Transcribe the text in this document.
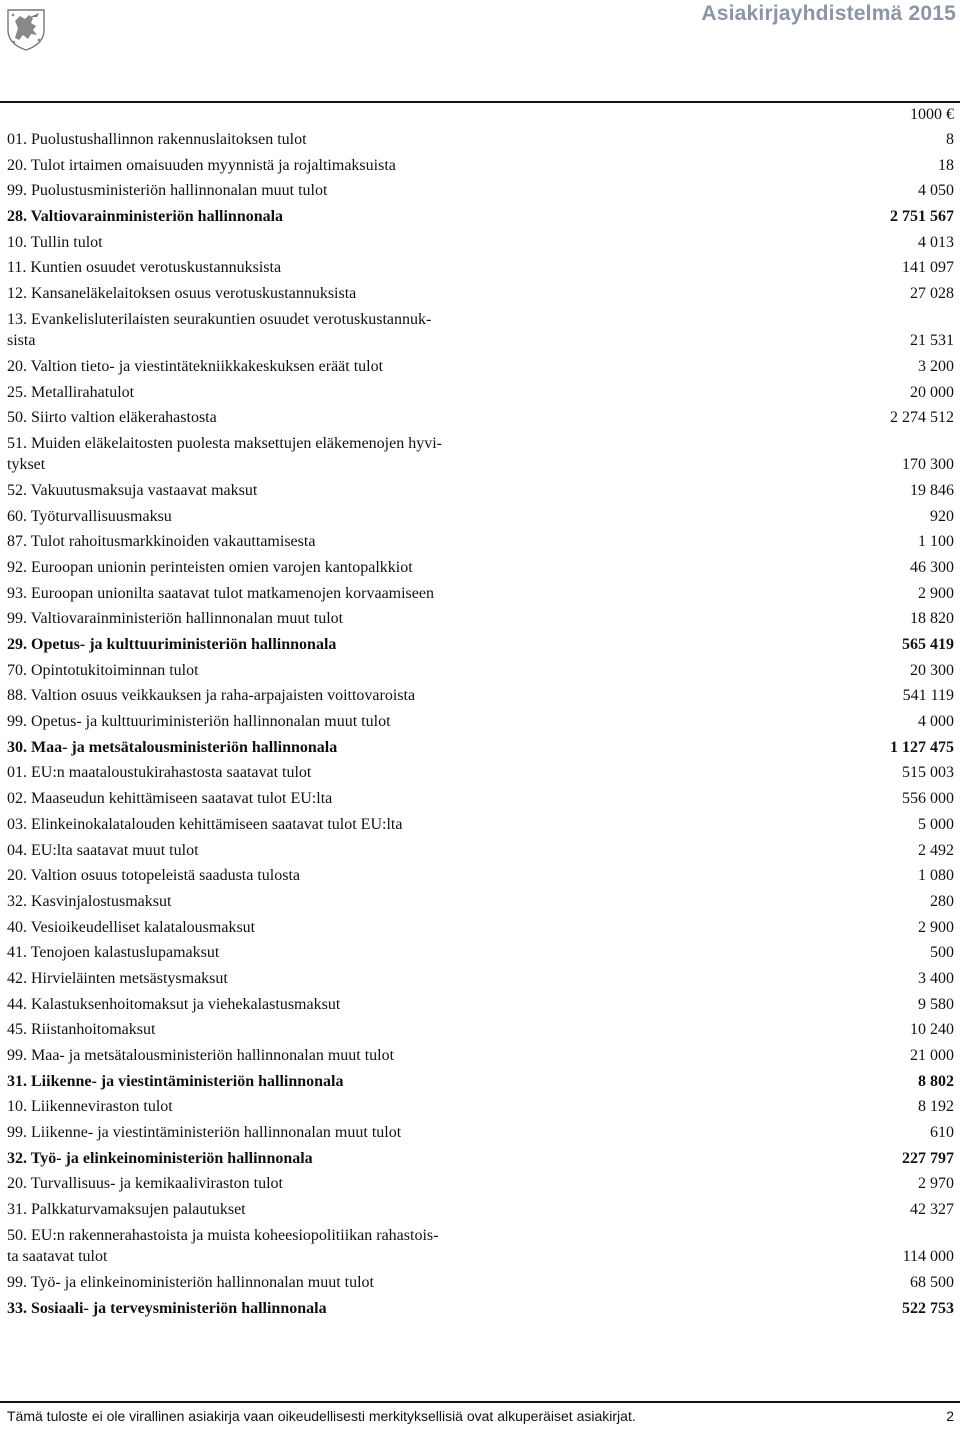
Asiakirjayhdistelmä 2015
1000 €
01. Puolustushallinnon rakennuslaitoksen tulot	8
20. Tulot irtaimen omaisuuden myynnistä ja rojaltimaksuista	18
99. Puolustusministeriön hallinnonalan muut tulot	4 050
28. Valtiovarainministeriön hallinnonala	2 751 567
10. Tullin tulot	4 013
11. Kuntien osuudet verotuskustannuksista	141 097
12. Kansaneläkelaitoksen osuus verotuskustannuksista	27 028
13. Evankelisluterilaisten seurakuntien osuudet verotuskustannuk-
sista	21 531
20. Valtion tieto- ja viestintätekniikkakeskuksen eräät tulot	3 200
25. Metallirahatulot	20 000
50. Siirto valtion eläkerahastosta	2 274 512
51. Muiden eläkelaitosten puolesta maksettujen eläkemenojen hyvi-
tykset	170 300
52. Vakuutusmaksuja vastaavat maksut	19 846
60. Työturvallisuusmaksu	920
87. Tulot rahoitusmarkkinoiden vakauttamisesta	1 100
92. Euroopan unionin perinteisten omien varojen kantopalkkiot	46 300
93. Euroopan unionilta saatavat tulot matkamenojen korvaamiseen	2 900
99. Valtiovarainministeriön hallinnonalan muut tulot	18 820
29. Opetus- ja kulttuuriministeriön hallinnonala	565 419
70. Opintotukitoiminnan tulot	20 300
88. Valtion osuus veikkauksen ja raha-arpajaisten voittovaroista	541 119
99. Opetus- ja kulttuuriministeriön hallinnonalan muut tulot	4 000
30. Maa- ja metsätalousministeriön hallinnonala	1 127 475
01. EU:n maataloustukirahastosta saatavat tulot	515 003
02. Maaseudun kehittämiseen saatavat tulot EU:lta	556 000
03. Elinkeinokalatalouden kehittämiseen saatavat tulot EU:lta	5 000
04. EU:lta saatavat muut tulot	2 492
20. Valtion osuus totopeleistä saadusta tulosta	1 080
32. Kasvinjalostusmaksut	280
40. Vesioikeudelliset kalatalousmaksut	2 900
41. Tenojoen kalastuslupamaksut	500
42. Hirvieläinten metsästysmaksut	3 400
44. Kalastuksenhoitomaksut ja viehekalastusmaksut	9 580
45. Riistanhoitomaksut	10 240
99. Maa- ja metsätalousministeriön hallinnonalan muut tulot	21 000
31. Liikenne- ja viestintäministeriön hallinnonala	8 802
10. Liikenneviraston tulot	8 192
99. Liikenne- ja viestintäministeriön hallinnonalan muut tulot	610
32. Työ- ja elinkeinoministeriön hallinnonala	227 797
20. Turvallisuus- ja kemikaaliviraston tulot	2 970
31. Palkkaturvamaksujen palautukset	42 327
50. EU:n rakennerahastoista ja muista koheesiopolitiikan rahastois-
ta saatavat tulot	114 000
99. Työ- ja elinkeinoministeriön hallinnonalan muut tulot	68 500
33. Sosiaali- ja terveysministeriön hallinnonala	522 753
Tämä tuloste ei ole virallinen asiakirja vaan oikeudellisesti merkityksellisiä ovat alkuperäiset asiakirjat.	2
